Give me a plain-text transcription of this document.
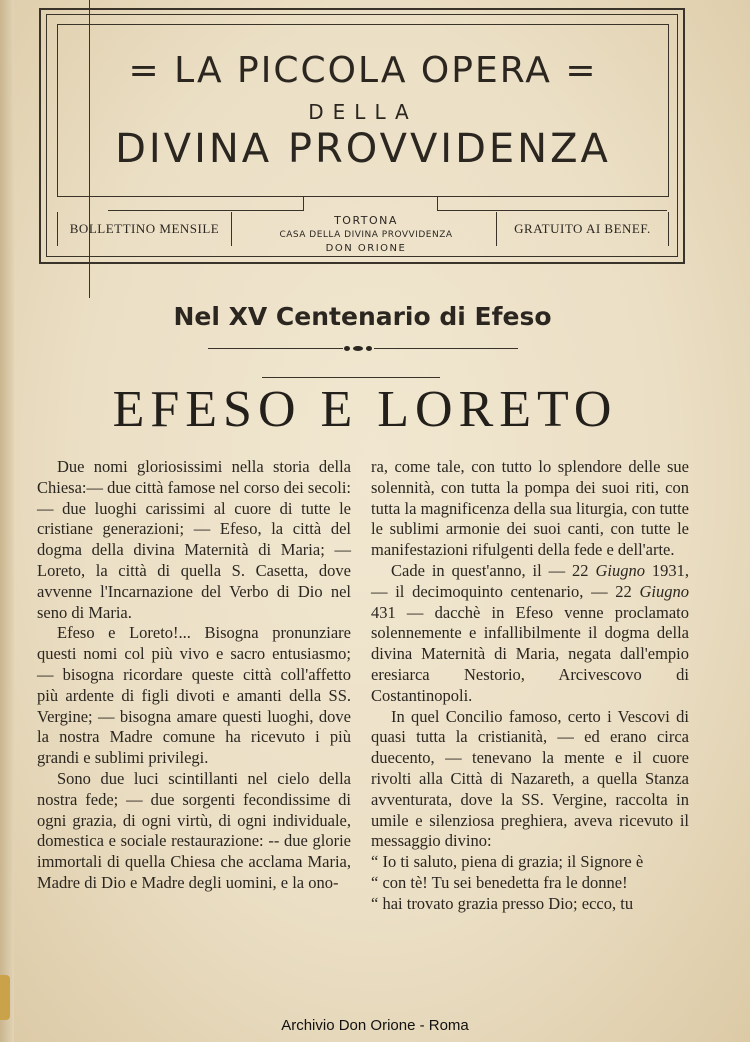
= LA PICCOLA OPERA =
DELLA
DIVINA PROVVIDENZA
BOLLETTINO MENSILE
TORTONA
CASA DELLA DIVINA PROVVIDENZA
DON ORIONE
GRATUITO AI BENEF.
Nel XV Centenario di Efeso
EFESO E LORETO

Due nomi gloriosissimi nella storia della Chiesa:— due città famose nel corso dei secoli: — due luoghi carissimi al cuore di tutte le cristiane generazioni; — Efeso, la città del dogma della divina Maternità di Maria; — Loreto, la città di quella S. Casetta, dove avvenne l'Incarnazione del Verbo di Dio nel seno di Maria.

Efeso e Loreto!... Bisogna pronunziare questi nomi col più vivo e sacro entusiasmo; — bisogna ricordare queste città coll'affetto più ardente di figli divoti e amanti della SS. Vergine; — bisogna amare questi luoghi, dove la nostra Madre comune ha ricevuto i più grandi e sublimi privilegi.

Sono due luci scintillanti nel cielo della nostra fede; — due sorgenti fecondissime di ogni grazia, di ogni virtù, di ogni individuale, domestica e sociale restaurazione: -- due glorie immortali di quella Chiesa che acclama Maria, Madre di Dio e Madre degli uomini, e la ono-

ra, come tale, con tutto lo splendore delle sue solennità, con tutta la pompa dei suoi riti, con tutta la magnificenza della sua liturgia, con tutte le sublimi armonie dei suoi canti, con tutte le manifestazioni rifulgenti della fede e dell'arte.

Cade in quest'anno, il — 22 Giugno 1931, — il decimoquinto centenario, — 22 Giugno 431 — dacchè in Efeso venne proclamato solennemente e infallibilmente il dogma della divina Maternità di Maria, negata dall'empio eresiarca Nestorio, Arcivescovo di Costantinopoli.

In quel Concilio famoso, certo i Vescovi di quasi tutta la cristianità, — ed erano circa duecento, — tenevano la mente e il cuore rivolti alla Città di Nazareth, a quella Stanza avventurata, dove la SS. Vergine, raccolta in umile e silenziosa preghiera, aveva ricevuto il messaggio divino:

“ Io ti saluto, piena di grazia; il Signore è

“ con tè! Tu sei benedetta fra le donne!

“ hai trovato grazia presso Dio; ecco, tu

Archivio Don Orione - Roma
